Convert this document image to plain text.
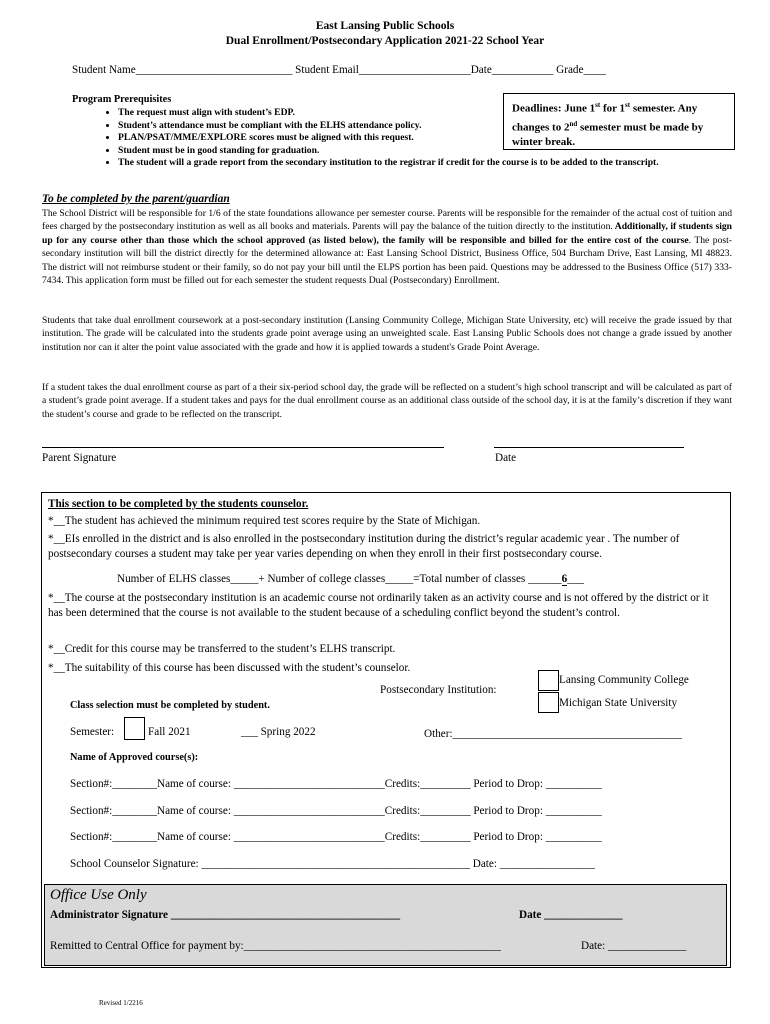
East Lansing Public Schools
Dual Enrollment/Postsecondary Application 2021-22 School Year
Student Name____________________________ Student Email____________________Date___________ Grade____
Program Prerequisites
• The request must align with student’s EDP.
• Student’s attendance must be compliant with the ELHS attendance policy.
• PLAN/PSAT/MME/EXPLORE scores must be aligned with this request.
• Student must be in good standing for graduation.
• The student will a grade report from the secondary institution to the registrar if credit for the course is to be added to the transcript.
Deadlines: June 1st for 1st semester. Any changes to 2nd semester must be made by winter break.
To be completed by the parent/guardian
The School District will be responsible for 1/6 of the state foundations allowance per semester course. Parents will be responsible for the remainder of the actual cost of tuition and fees charged by the postsecondary institution as well as all books and materials. Parents will pay the balance of the tuition directly to the institution. Additionally, if students sign up for any course other than those which the school approved (as listed below), the family will be responsible and billed for the entire cost of the course. The post-secondary institution will bill the district directly for the determined allowance at: East Lansing School District, Business Office, 504 Burcham Drive, East Lansing, MI 48823. The district will not reimburse student or their family, so do not pay your bill until the ELPS portion has been paid. Questions may be addressed to the Business Office (517) 333-7434. This application form must be filled out for each semester the student requests Dual (Postsecondary) Enrollment.
Students that take dual enrollment coursework at a post-secondary institution (Lansing Community College, Michigan State University, etc) will receive the grade issued by that institution. The grade will be calculated into the students grade point average using an unweighted scale. East Lansing Public Schools does not change a grade issued by another institution nor can it alter the point value associated with the grade and how it is applied towards a student's Grade Point Average.
If a student takes the dual enrollment course as part of a their six-period school day, the grade will be reflected on a student’s high school transcript and will be calculated as part of a student’s grade point average. If a student takes and pays for the dual enrollment course as an additional class outside of the school day, it is at the family’s discretion if they want the student’s course and grade to be reflected on the transcript.
Parent Signature	Date
This section to be completed by the students counselor.
*__The student has achieved the minimum required test scores require by the State of Michigan.
*__EIs enrolled in the district and is also enrolled in the postsecondary institution during the district’s regular academic year . The number of postsecondary courses a student may take per year varies depending on when they enroll in their first postsecondary course.
Number of ELHS classes_____+ Number of college classes_____=Total number of classes ______6___
*__The course at the postsecondary institution is an academic course not ordinarily taken as an activity course and is not offered by the district or it has been determined that the course is not available to the student because of a scheduling conflict beyond the student’s control.
*__Credit for this course may be transferred to the student’s ELHS transcript.
*__The suitability of this course has been discussed with the student’s counselor.
Postsecondary Institution:
Lansing Community College
Michigan State University
Class selection must be completed by student.
Semester:	Fall 2021	___ Spring 2022	Other:_________________________________________
Name of Approved course(s):
Section#:________Name of course: ___________________________Credits:_________ Period to Drop: __________
Section#:________Name of course: ___________________________Credits:_________ Period to Drop: __________
Section#:________Name of course: ___________________________Credits:_________ Period to Drop: __________
School Counselor Signature: ________________________________________________ Date: _________________
Office Use Only
Administrator Signature _________________________________________	Date ______________
Remitted to Central Office for payment by:______________________________________________	Date: ______________
Revised 1/2216
